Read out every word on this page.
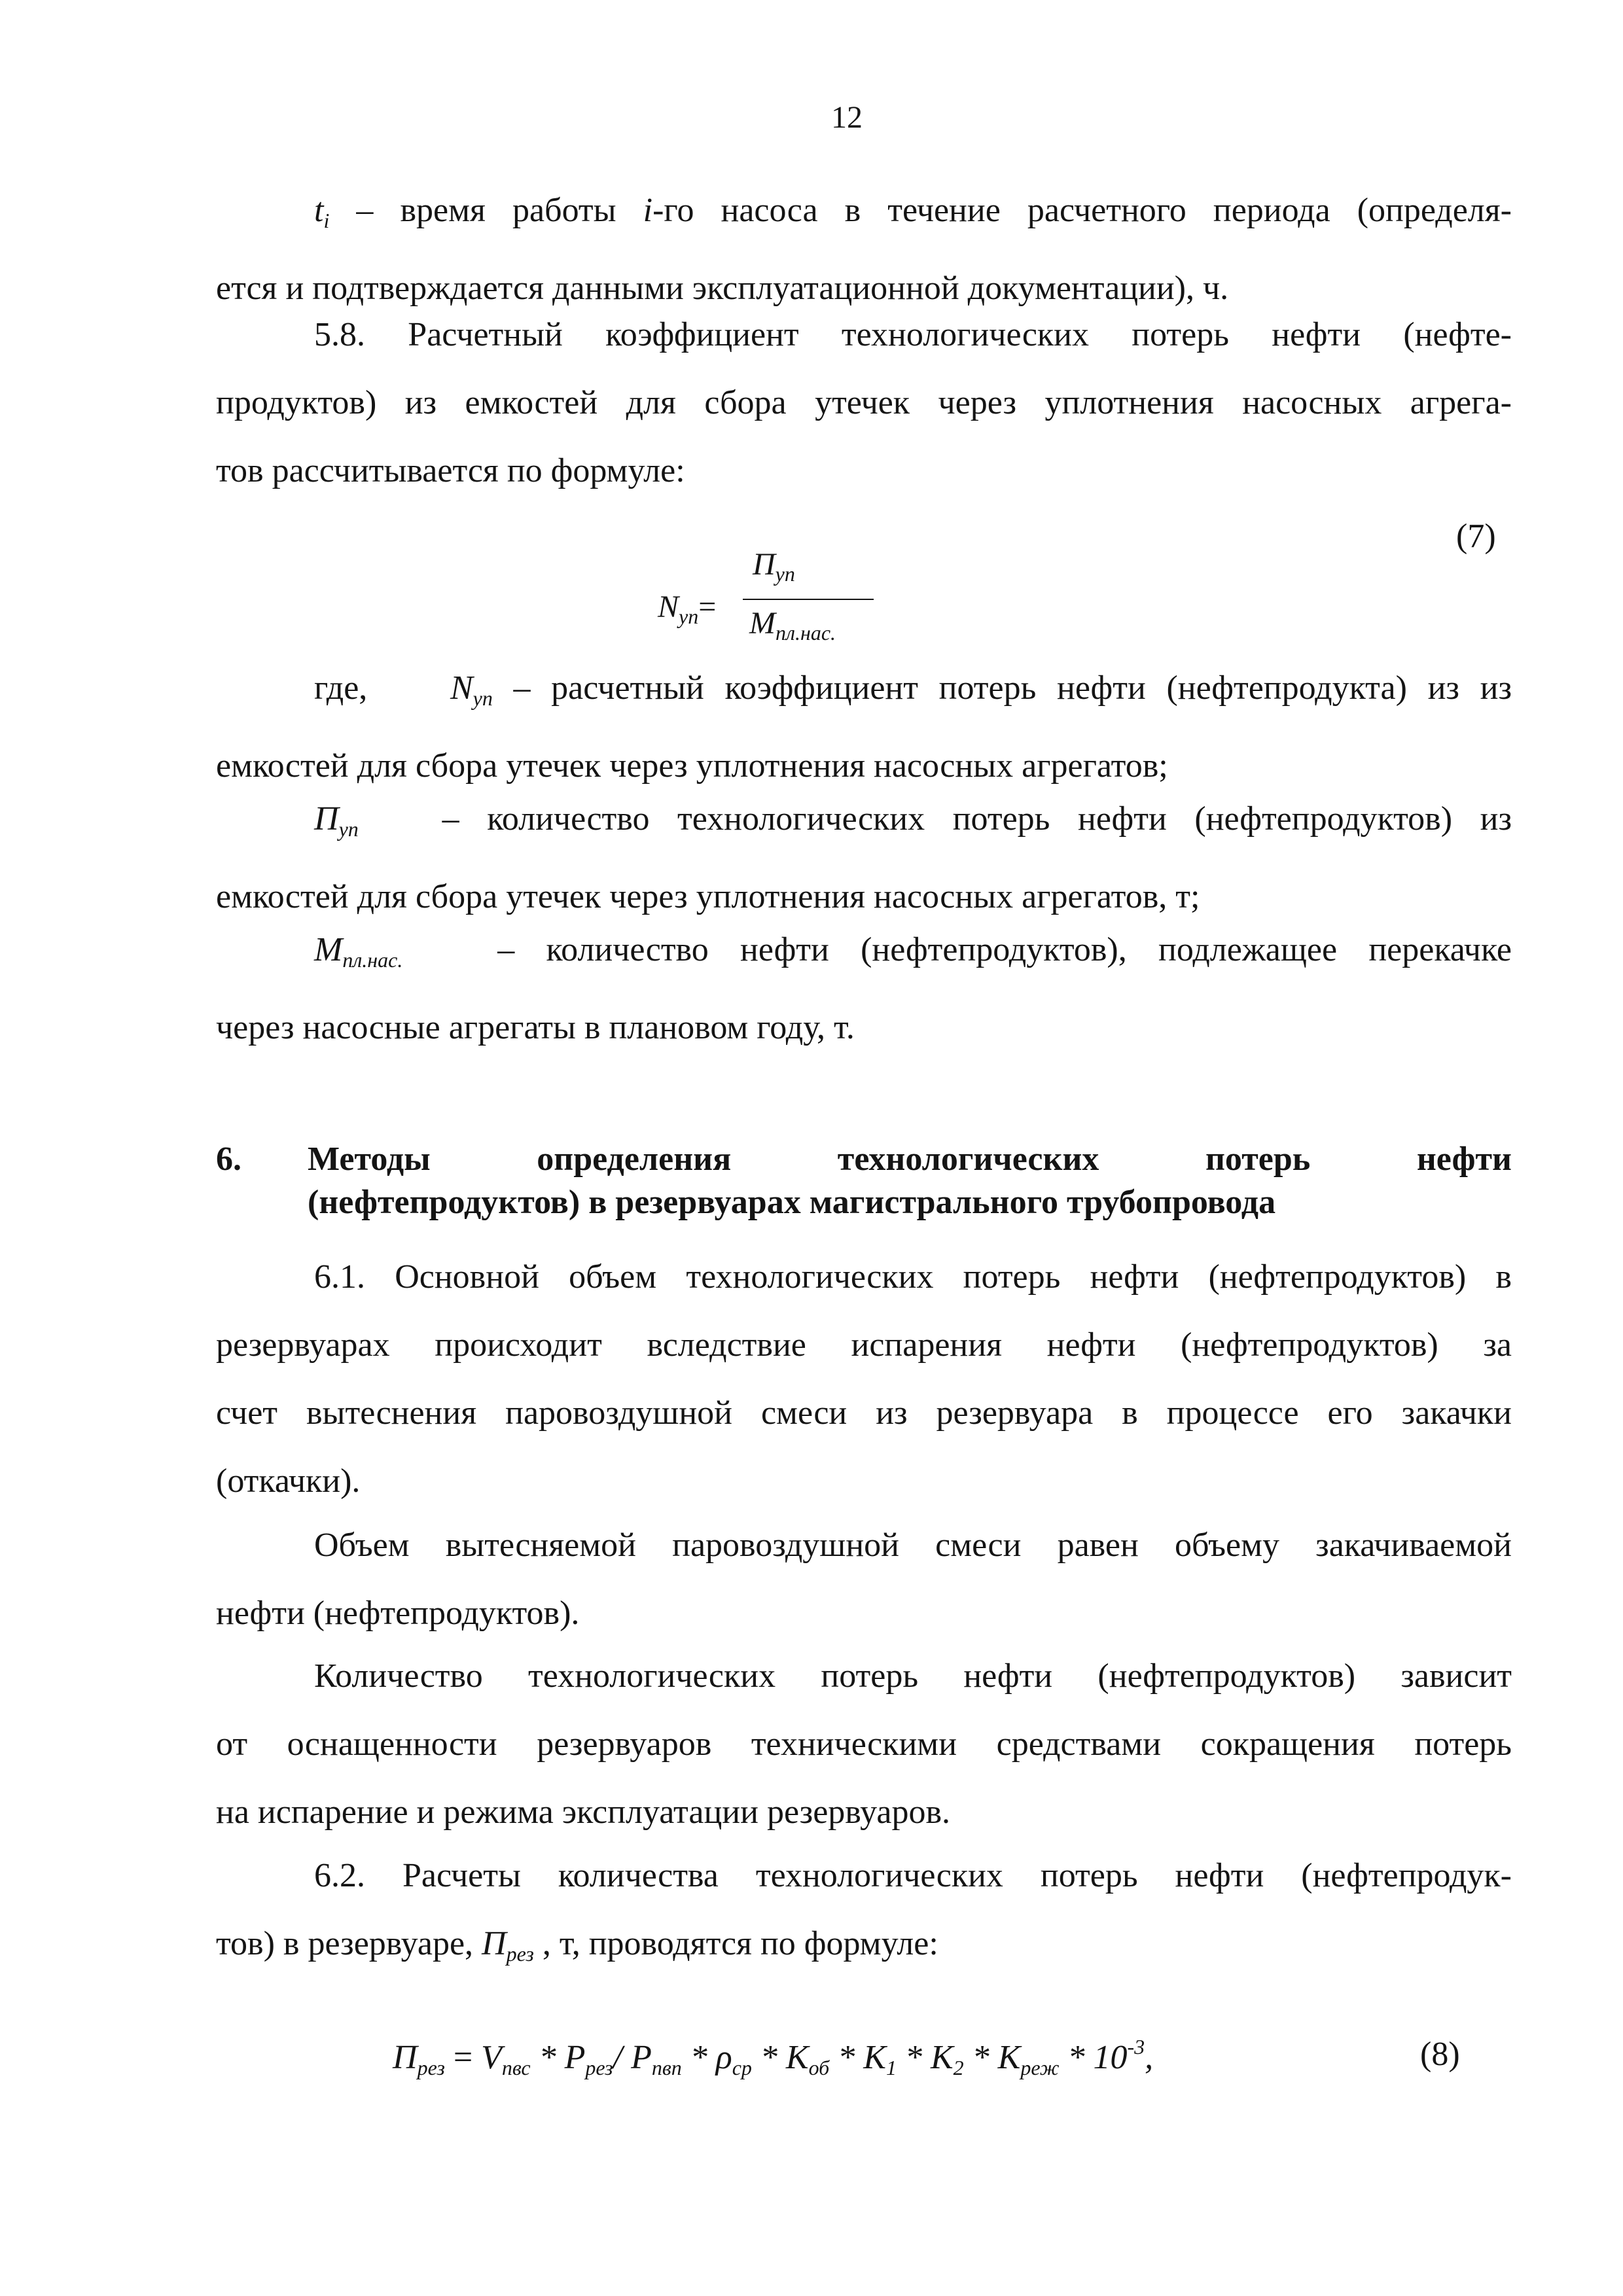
12
$t_i$ – время работы i-го насоса в течение расчетного периода (определя-
ется и подтверждается данными эксплуатационной документации), ч.
5.8. Расчетный коэффициент технологических потерь нефти (нефте-
продуктов) из емкостей для сбора утечек через уплотнения насосных агрега-
тов рассчитывается по формуле:
$N_{уп}=$
$П_{уп}$
$М_{пл.нас.}$
(7)
где, $N_{уп}$ – расчетный коэффициент потерь нефти (нефтепродукта) из из
емкостей для сбора утечек через уплотнения насосных агрегатов;
$П_{уп}$ – количество технологических потерь нефти (нефтепродуктов) из
емкостей для сбора утечек через уплотнения насосных агрегатов, т;
$М_{пл.нас.}$	– количество нефти (нефтепродуктов), подлежащее перекачке
через насосные агрегаты в плановом году, т.
6. Методы определения технологических потерь нефти
(нефтепродуктов) в резервуарах магистрального трубопровода
6.1. Основной объем технологических потерь нефти (нефтепродуктов) в
резервуарах происходит вследствие испарения нефти (нефтепродуктов) за
счет вытеснения паровоздушной смеси из резервуара в процессе его закачки
(откачки).
Объем вытесняемой паровоздушной смеси равен объему закачиваемой
нефти (нефтепродуктов).
Количество технологических потерь нефти (нефтепродуктов) зависит
от оснащенности резервуаров техническими средствами сокращения потерь
на испарение и режима эксплуатации резервуаров.
6.2. Расчеты количества технологических потерь нефти (нефтепродук-
тов) в резервуаре, $П_{рез}$ , т, проводятся по формуле:
$П_{рез} = V_{пвс} * P_{рез}/$ $P_{пвп} * \rho_{ср} * K_{об} * K_1 * K_2 * K_{реж} * 10^{-3}$,	(8)
